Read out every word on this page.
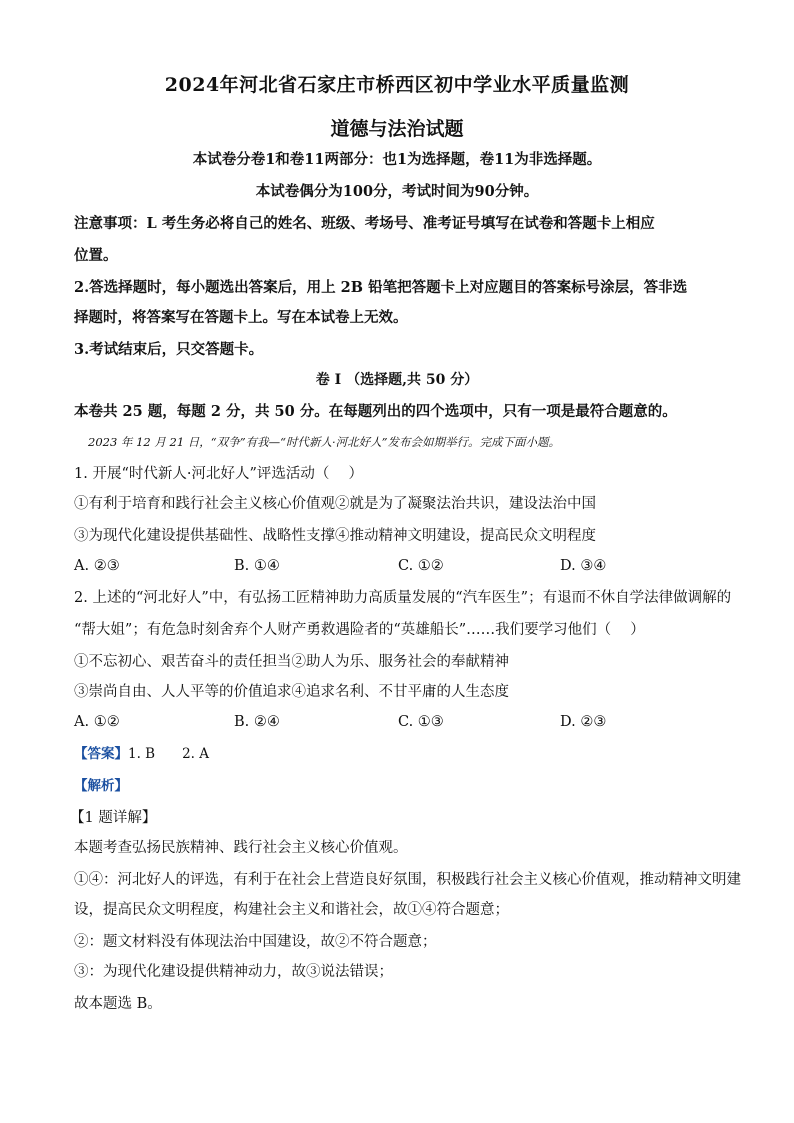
2024年河北省石家庄市桥西区初中学业水平质量监测
道德与法治试题
本试卷分卷1和卷11两部分：也1为选择题，卷11为非选择题。
本试卷偶分为100分，考试时间为90分钟。
注意事项：L 考生务必将自己的姓名、班级、考场号、准考证号填写在试卷和答题卡上相应
位置。
2.答选择题时，每小题选出答案后，用上 2B 铅笔把答题卡上对应题目的答案标号涂层，答非选
择题时，将答案写在答题卡上。写在本试卷上无效。
3.考试结束后，只交答题卡。
卷 I （选择题,共 50 分）
本卷共 25 题，每题 2 分，共 50 分。在每题列出的四个选项中，只有一项是最符合题意的。
2023 年 12 月 21 日，“双争”有我—“时代新人·河北好人”发布会如期举行。完成下面小题。
1. 开展“时代新人·河北好人”评选活动（　 ）
①有利于培育和践行社会主义核心价值观②就是为了凝聚法治共识，建设法治中国
③为现代化建设提供基础性、战略性支撑④推动精神文明建设，提高民众文明程度
A. ②③	B. ①④	C. ①②	D. ③④
2. 上述的“河北好人”中，有弘扬工匠精神助力高质量发展的“汽车医生”；有退而不休自学法律做调解的
“帮大姐”；有危急时刻舍弃个人财产勇救遇险者的“英雄船长”……我们要学习他们（　 ）
①不忘初心、艰苦奋斗的责任担当②助人为乐、服务社会的奉献精神
③崇尚自由、人人平等的价值追求④追求名利、不甘平庸的人生态度
A. ①②	B. ②④	C. ①③	D. ②③
【答案】1. B　　2. A
【解析】
【1 题详解】
本题考查弘扬民族精神、践行社会主义核心价值观。
①④：河北好人的评选，有利于在社会上营造良好氛围，积极践行社会主义核心价值观，推动精神文明建
设，提高民众文明程度，构建社会主义和谐社会，故①④符合题意；
②：题文材料没有体现法治中国建设，故②不符合题意；
③：为现代化建设提供精神动力，故③说法错误；
故本题选 B。
